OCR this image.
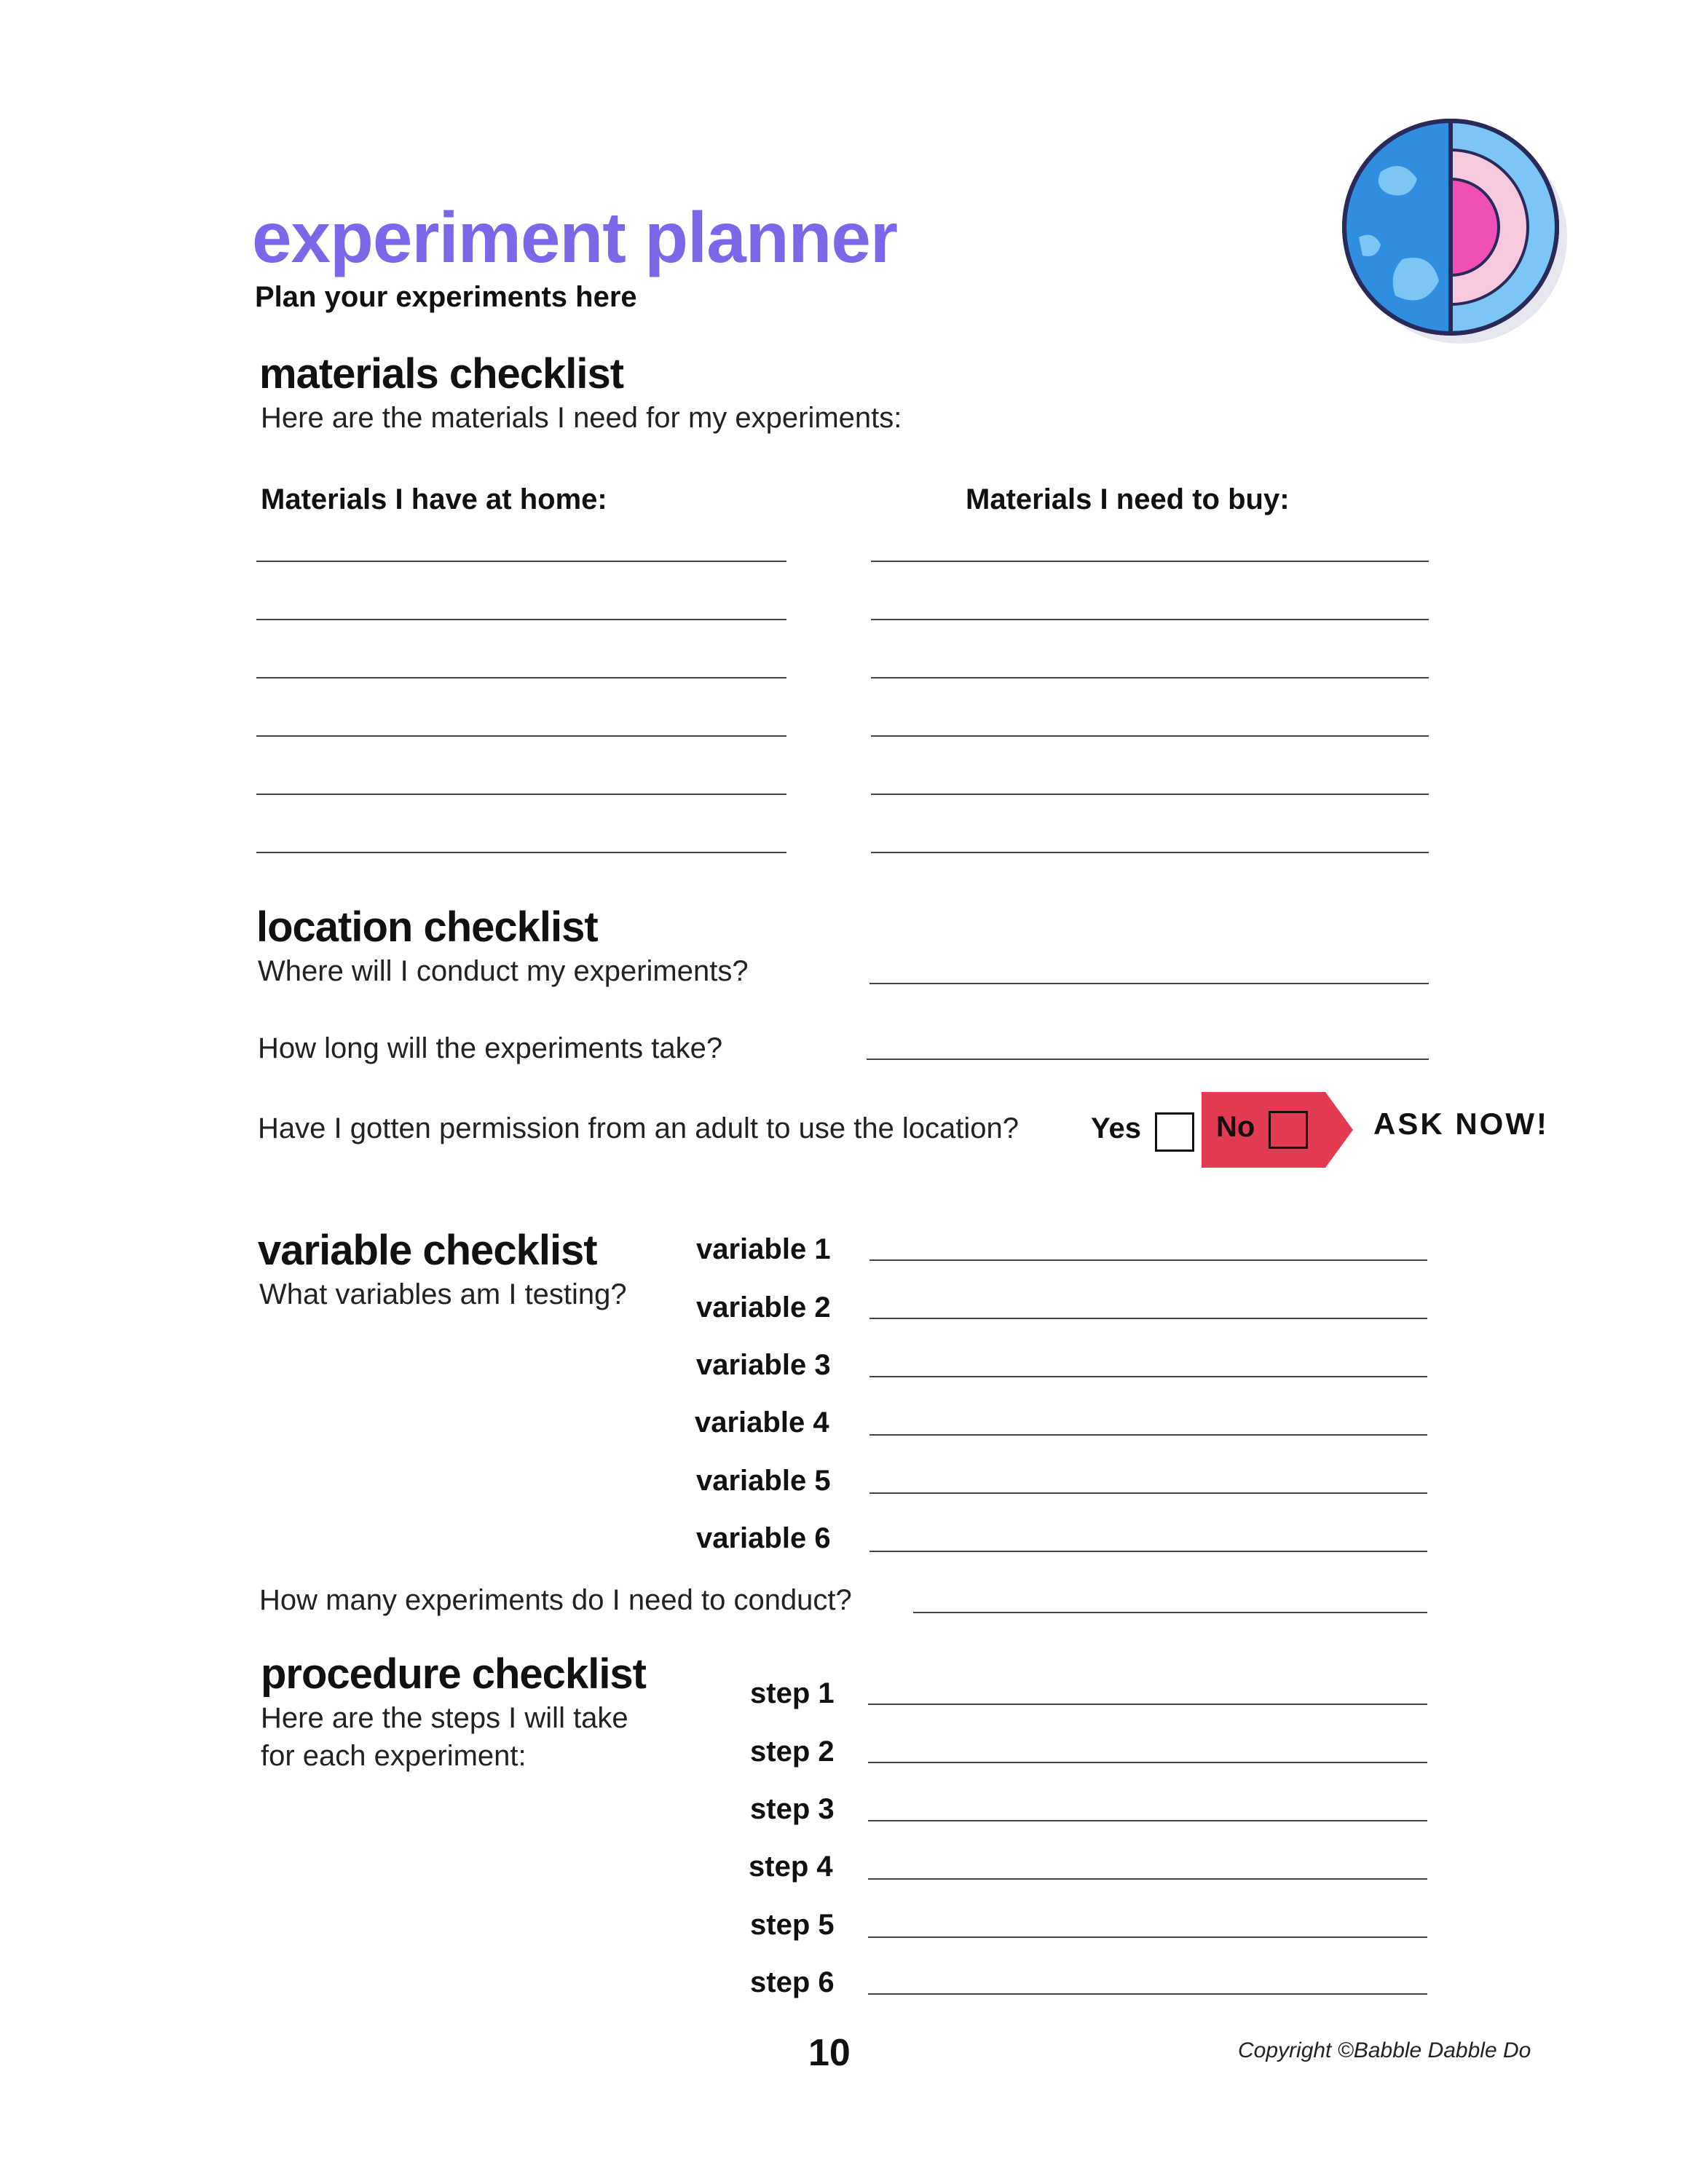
experiment planner
Plan your experiments here
materials checklist
Here are the materials I need for my experiments:
Materials I have at home:	Materials I need to buy:
location checklist
Where will I conduct my experiments?
How long will the experiments take?
Have I gotten permission from an adult to use the location? Yes	No	ASK NOW!
variable checklist
What variables am I testing?
variable 1
variable 2
variable 3
variable 4
variable 5
variable 6
How many experiments do I need to conduct?
procedure checklist
Here are the steps I will take
for each experiment:
step 1
step 2
step 3
step 4
step 5
step 6
10	Copyright ©Babble Dabble Do
